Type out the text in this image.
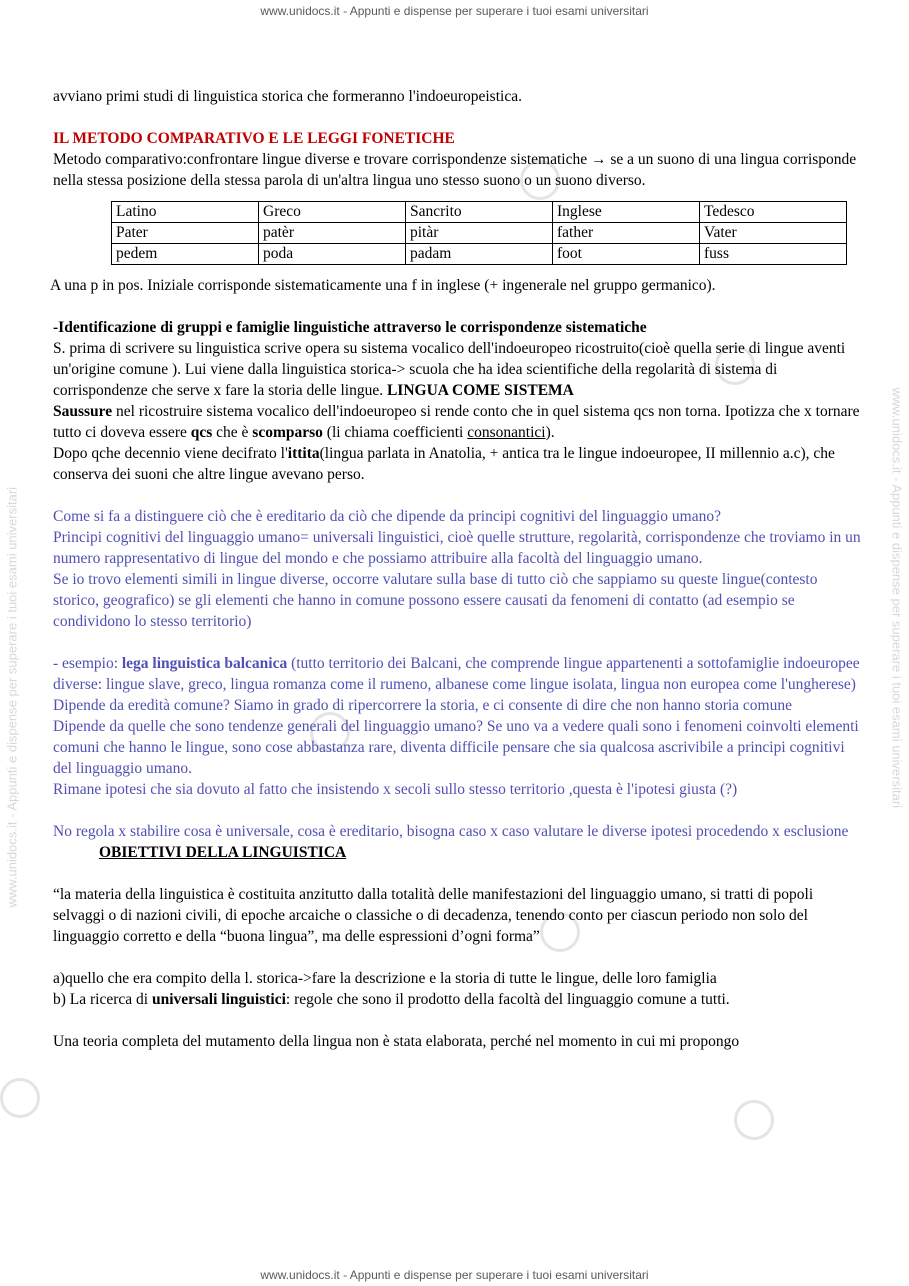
www.unidocs.it - Appunti e dispense per superare i tuoi esami universitari
www.unidocs.it - Appunti e dispense per superare i tuoi esami universitari	www.unidocs.it - Appunti e dispense per superare i tuoi esami universitari

avviano primi studi di linguistica storica che formeranno l'indoeuropeistica.

IL METODO COMPARATIVO E LE LEGGI FONETICHE

Metodo comparativo:confrontare lingue diverse e trovare corrispondenze sistematiche → se a un suono di una lingua corrisponde nella stessa posizione della stessa parola di un'altra lingua uno stesso suono o un suono diverso.

Latino	Greco	Sancrito	Inglese	Tedesco
Pater	patèr	pitàr	father	Vater
pedem	poda	padam	foot	fuss

A una p in pos. Iniziale corrisponde sistematicamente una f in inglese (+ ingenerale nel gruppo germanico).

-Identificazione di gruppi e famiglie linguistiche attraverso le corrispondenze sistematiche

S. prima di scrivere su linguistica scrive opera su sistema vocalico dell'indoeuropeo ricostruito(cioè quella serie di lingue aventi un'origine comune ). Lui viene dalla linguistica storica-> scuola che ha idea scientifiche della regolarità di sistema di corrispondenze che serve x fare la storia delle lingue. LINGUA COME SISTEMA
Saussure nel ricostruire sistema vocalico dell'indoeuropeo si rende conto che in quel sistema qcs non torna. Ipotizza che x tornare tutto ci doveva essere qcs che è scomparso (li chiama coefficienti consonantici).

Dopo qche decennio viene decifrato l'ittita(lingua parlata in Anatolia, + antica tra le lingue indoeuropee, II millennio a.c), che conserva dei suoni che altre lingue avevano perso.

Come si fa a distinguere ciò che è ereditario da ciò che dipende da principi cognitivi del linguaggio umano?

Principi cognitivi del linguaggio umano= universali linguistici, cioè quelle strutture, regolarità, corrispondenze che troviamo in un numero rappresentativo di lingue del mondo e che possiamo attribuire alla facoltà del linguaggio umano.

Se io trovo elementi simili in lingue diverse, occorre valutare sulla base di tutto ciò che sappiamo su queste lingue(contesto storico, geografico) se gli elementi che hanno in comune possono essere causati da fenomeni di contatto (ad esempio se condividono lo stesso territorio)

- esempio: lega linguistica balcanica (tutto territorio dei Balcani, che comprende lingue appartenenti a sottofamiglie indoeuropee diverse: lingue slave, greco, lingua romanza come il rumeno, albanese come lingue isolata, lingua non europea come l'ungherese)

Dipende da eredità comune? Siamo in grado di ripercorrere la storia, e ci consente di dire che non hanno storia comune

Dipende da quelle che sono tendenze generali del linguaggio umano? Se uno va a vedere quali sono i fenomeni coinvolti elementi comuni che hanno le lingue, sono cose abbastanza rare, diventa difficile pensare che sia qualcosa ascrivibile a principi cognitivi del linguaggio umano.

Rimane ipotesi che sia dovuto al fatto che insistendo x secoli sullo stesso territorio ,questa è l'ipotesi giusta (?)

No regola x stabilire cosa è universale, cosa è ereditario, bisogna caso x caso valutare le diverse ipotesi procedendo x esclusione

OBIETTIVI DELLA LINGUISTICA

“la materia della linguistica è costituita anzitutto dalla totalità delle manifestazioni del linguaggio umano, si tratti di popoli selvaggi o di nazioni civili, di epoche arcaiche o classiche o di decadenza, tenendo conto per ciascun periodo non solo del linguaggio corretto e della “buona lingua”, ma delle espressioni d’ogni forma”

a)quello che era compito della l. storica->fare la descrizione e la storia di tutte le lingue, delle loro famiglia

b) La ricerca di universali linguistici: regole che sono il prodotto della facoltà del linguaggio comune a tutti.

Una teoria completa del mutamento della lingua non è stata elaborata, perché nel momento in cui mi propongo

www.unidocs.it - Appunti e dispense per superare i tuoi esami universitari
